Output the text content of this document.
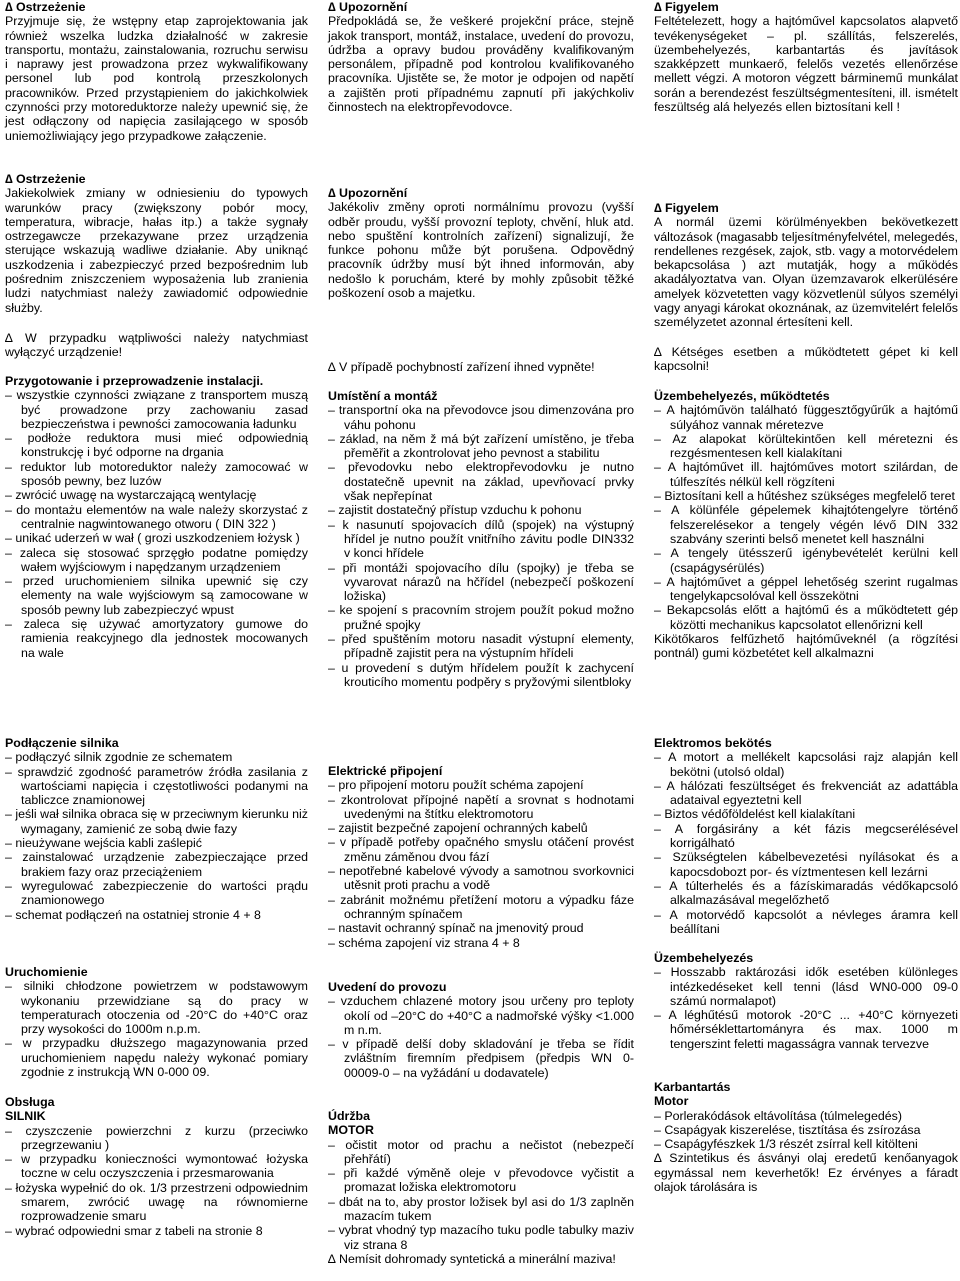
∆ Ostrzeżenie

Przyjmuje się, że wstępny etap zaprojektowania jak również wszelka ludzka działalność w zakresie transportu, montażu, zainstalowania, rozruchu serwisu i naprawy jest prowadzona przez wykwalifikowany personel lub pod kontrolą przeszkolonych pracowników. Przed przystąpieniem do jakichkolwiek czynności przy motoreduktorze należy upewnić się, że jest odłączony od napięcia zasilającego w sposób uniemożliwiający jego przypadkowe załączenie.

∆ Ostrzeżenie

Jakiekolwiek zmiany w odniesieniu do typowych warunków pracy (zwiększony pobór mocy, temperatura, wibracje, hałas itp.) a także sygnały ostrzegawcze przekazywane przez urządzenia sterujące wskazują wadliwe działanie. Aby uniknąć uszkodzenia i zabezpieczyć przed bezpośrednim lub pośrednim zniszczeniem wyposażenia lub zranienia ludzi natychmiast należy zawiadomić odpowiednie służby.

∆ W przypadku wątpliwości należy natychmiast wyłączyć urządzenie!

Przygotowanie i przeprowadzenie instalacji.

– wszystkie czynności związane z transportem muszą być prowadzone przy zachowaniu zasad bezpieczeństwa i pewności zamocowania ładunku

– podłoże reduktora musi mieć odpowiednią konstrukcję i być odporne na drgania

– reduktor lub motoreduktor należy zamocować w sposób pewny, bez luzów

– zwrócić uwagę na wystarczającą wentylację

– do montażu elementów na wale należy skorzystać z centralnie nagwintowanego otworu ( DIN 322 )

– unikać uderzeń w wał ( grozi uszkodzeniem łożysk )

– zaleca się stosować sprzęgło podatne pomiędzy wałem wyjściowym i napędzanym urządzeniem

– przed uruchomieniem silnika upewnić się czy elementy na wale wyjściowym są zamocowane w sposób pewny lub zabezpieczyć wpust

– zaleca się używać amortyzatory gumowe do ramienia reakcyjnego dla jednostek mocowanych na wale

Podłączenie silnika

– podłączyć silnik zgodnie ze schematem

– sprawdzić zgodność parametrów źródła zasilania z wartościami napięcia i częstotliwości podanymi na tabliczce znamionowej

– jeśli wał silnika obraca się w przeciwnym kierunku niż wymagany, zamienić ze sobą dwie fazy

– nieużywane wejścia kabli zaślepić

– zainstalować urządzenie zabezpieczające przed brakiem fazy oraz przeciążeniem

– wyregulować zabezpieczenie do wartości prądu znamionowego

– schemat podłączeń na ostatniej stronie 4 + 8

Uruchomienie

– silniki chłodzone powietrzem w podstawowym wykonaniu przewidziane są do pracy w temperaturach otoczenia od -20°C do +40°C oraz przy wysokości do 1000m n.p.m.

– w przypadku dłuższego magazynowania przed uruchomieniem napędu należy wykonać pomiary zgodnie z instrukcją WN 0-000 09.

Obsługa

SILNIK

– czyszczenie powierzchni z kurzu (przeciwko przegrzewaniu )

– w przypadku konieczności wymontować łożyska toczne w celu oczyszczenia i przesmarowania

– łożyska wypełnić do ok. 1/3 przestrzeni odpowiednim smarem, zwrócić uwagę na równomierne rozprowadzenie smaru

– wybrać odpowiedni smar z tabeli na stronie 8

∆ Upozornění

Předpokládá se, že veškeré projekční práce, stejně jakok transport, montáž, instalace, uvedení do provozu, údržba a opravy budou prováděny kvalifikovaným personálem, případně pod kontrolou kvalifikovaného pracovníka. Ujistěte se, že motor je odpojen od napětí a zajištěn proti případnému zapnutí při jakýchkoliv činnostech na elektropřevodovce.

∆ Upozornění

Jakékoliv změny oproti normálnímu provozu (vyšší odběr proudu, vyšší provozní teploty, chvění, hluk atd. nebo spuštění kontrolních zařízení) signalizují, že funkce pohonu může být porušena. Odpovědný pracovník údržby musí být ihned informován, aby nedošlo k poruchám, které by mohly způsobit těžké poškození osob a majetku.

∆ V případě pochybností zařízení ihned vypněte!

Umístění a montáž

– transportní oka na převodovce jsou dimenzována pro váhu pohonu

– základ, na něm ž má být zařízení umístěno, je třeba přeměřit a zkontrolovat jeho pevnost a stabilitu

– převodovku nebo elektropřevodovku je nutno dostatečně upevnit na základ, upevňovací prvky však nepřepínat

– zajistit dostatečný přístup vzduchu k pohonu

– k nasunutí spojovacích dílů (spojek) na výstupný hřídel je nutno použít vnitřního závitu podle DIN332 v konci hřídele

– při montáži spojovacího dílu (spojky) je třeba se vyvarovat nárazů na hčřídel (nebezpečí poškození ložiska)

– ke spojení s pracovním strojem použít pokud možno pružné spojky

– před spuštěním motoru nasadit výstupní elementy, případně zajistit pera na výstupním hřídeli

– u provedení s dutým hřídelem použít k zachycení krouticího momentu podpěry s pryžovými silentbloky

Elektrické připojení

– pro připojení motoru použít schéma zapojení

– zkontrolovat přípojné napětí a srovnat s hodnotami uvedenými na štítku elektromotoru

– zajistit bezpečné zapojení ochranných kabelů

– v případě potřeby opačného smyslu otáčení provést změnu záměnou dvou fází

– nepotřebné kabelové vývody a samotnou svorkovnici utěsnit proti prachu a vodě

– zabránit možnému přetížení motoru a výpadku fáze ochranným spínačem

– nastavit ochranný spínač na jmenovitý proud

– schéma zapojení viz strana 4 + 8

Uvedení do provozu

– vzduchem chlazené motory jsou určeny pro teploty okolí od –20°C do +40°C a nadmořské výšky <1.000 m n.m.

– v případě delší doby skladování je třeba se řídit zvláštním firemním předpisem (předpis WN 0-00009-0 – na vyžádání u dodavatele)

Údržba

MOTOR

– očistit motor od prachu a nečistot (nebezpečí přehřátí)

– při každé výměně oleje v převodovce vyčistit a promazat ložiska elektromotoru

– dbát na to, aby prostor ložisek byl asi do 1/3 zaplněn mazacím tukem

– vybrat vhodný typ mazacího tuku podle tabulky maziv viz strana 8

∆ Nemísit dohromady syntetická a minerální maziva!

∆ Figyelem

Feltételezett, hogy a hajtóművel kapcsolatos alapvető tevékenységeket – pl. szállítás, felszerelés, üzembehelyezés, karbantartás és javítások szakképzett munkaerő, felelős vezetés ellenőrzése mellett végzi. A motoron végzett bárminemű munkálat során a berendezést feszültségmentesíteni, ill. ismételt feszültség alá helyezés ellen biztosítani kell !

∆ Figyelem

A normál üzemi körülményekben bekövetkezett változások (magasabb teljesítményfelvétel, melegedés, rendellenes rezgések, zajok, stb. vagy a motorvédelem bekapcsolása ) azt mutatják, hogy a működés akadályoztatva van. Olyan üzemzavarok elkerülésére amelyek közvetetten vagy közvetlenül súlyos személyi vagy anyagi károkat okoznának, az üzemvitelért felelős személyzetet azonnal értesíteni kell.

∆ Kétséges esetben a működtetett gépet ki kell kapcsolni!

Üzembehelyezés, működtetés

– A hajtóművön található függesztőgyűrűk a hajtómű súlyához vannak méretezve

– Az alapokat körültekintően kell méretezni és rezgésmentesen kell kialakítani

– A hajtóművet ill. hajtóműves motort szilárdan, de túlfeszítés nélkül kell rögzíteni

– Biztosítani kell a hűtéshez szükséges megfelelő teret

– A kölünféle gépelemek kihajtótengelyre történő felszerelésekor a tengely végén lévő DIN 332 szabvány szerinti belső menetet kell használni

– A tengely ütésszerű igénybevételét kerülni kell (csapágysérülés)

– A hajtóművet a géppel lehetőség szerint rugalmas tengelykapcsolóval kell összekötni

– Bekapcsolás előtt a hajtómű és a működtetett gép közötti mechanikus kapcsolatot ellenőrizni kell

Kikötőkaros felfűzhető hajtóműveknél (a rögzítési pontnál) gumi közbetétet kell alkalmazni

Elektromos bekötés

– A motort a mellékelt kapcsolási rajz alapján kell bekötni (utolsó oldal)

– A hálózati feszültséget és frekvenciát az adattábla adataival egyeztetni kell

– Biztos védőföldelést kell kialakítani

– A forgásirány a két fázis megcserélésével korrigálható

– Szükségtelen kábelbevezetési nyílásokat és a kapocsdobozt por- és víztmentesen kell lezárni

– A túlterhelés és a fázískimaradás védőkapcsoló alkalmazásával megelőzhető

– A motorvédő kapcsolót a névleges áramra kell beállítani

Üzembehelyezés

– Hosszabb raktározási idők esetében különleges intézkedéseket kell tenni (lásd WN0-000 09-0 számú normalapot)

– A léghűtésű motorok -20°C ... +40°C környezeti hőmérséklettartományra és max. 1000 m tengerszint feletti magasságra vannak tervezve

Karbantartás

Motor

– Porlerakódások eltávolítása (túlmelegedés)

– Csapágyak kiszerelése, tisztítása és zsírozása

– Csapágyfészkek 1/3 részét zsírral kell kitölteni

∆ Szintetikus és ásványi olaj eredetű kenőanyagok egymással nem keverhetők! Ez érvényes a fáradt olajok tárolására is
